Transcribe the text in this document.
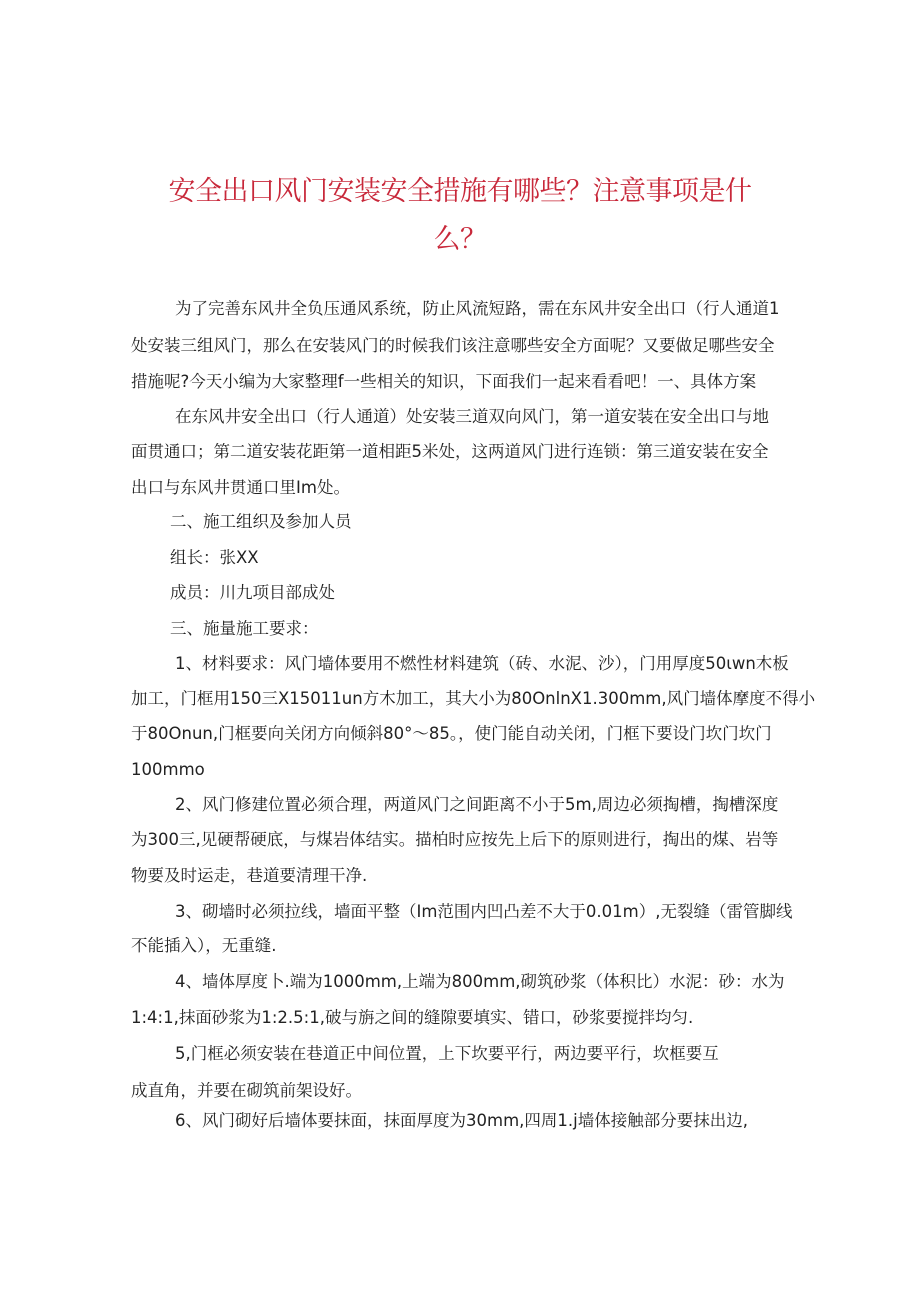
安全出口风门安装安全措施有哪些？注意事项是什
么？
为了完善东风井全负压通风系统，防止风流短路，需在东风井安全出口（行人通道1
处安装三组风门，那么在安装风门的时候我们该注意哪些安全方面呢？又要做足哪些安全
措施呢?今天小编为大家整理f一些相关的知识，下面我们一起来看看吧！一、具体方案
在东风井安全出口（行人通道）处安装三道双向风门，第一道安装在安全出口与地
面贯通口；第二道安装花距第一道相距5米处，这两道风门进行连锁：第三道安装在安全
出口与东风井贯通口里Im处。
二、施工组织及参加人员
组长：张XX
成员：川九项目部成处
三、施量施工要求：
1、材料要求：风门墙体要用不燃性材料建筑（砖、水泥、沙），门用厚度50ιwn木板
加工，门框用150三X15011un方木加工，其大小为80OnlnX1.300mm,风门墙体摩度不得小
于80Onun,门框要向关闭方向倾斜80°〜85。，使门能自动关闭，门框下要设门坎门坎门
100mmo
2、风门修建位置必须合理，两道风门之间距离不小于5m,周边必须掏槽，掏槽深度
为300三,见硬帮硬底，与煤岩体结实。描柏时应按先上后下的原则进行，掏出的煤、岩等
物要及时运走，巷道要清理干净.
3、砌墙时必须拉线，墙面平整（Im范围内凹凸差不大于0.01m）,无裂缝（雷管脚线
不能插入），无重缝.
4、墙体厚度卜.端为1000mm,上端为800mm,砌筑砂浆（体积比）水泥：砂：水为
1:4:1,抹面砂浆为1:2.5:1,破与旃之间的缝隙要填实、错口，砂浆要搅拌均匀.
5,门框必须安装在巷道正中间位置，上下坎要平行，两边要平行，坎框要互
成直角，并要在砌筑前架设好。
6、风门砌好后墙体要抹面，抹面厚度为30mm,四周1.j墙体接触部分要抹出边,
